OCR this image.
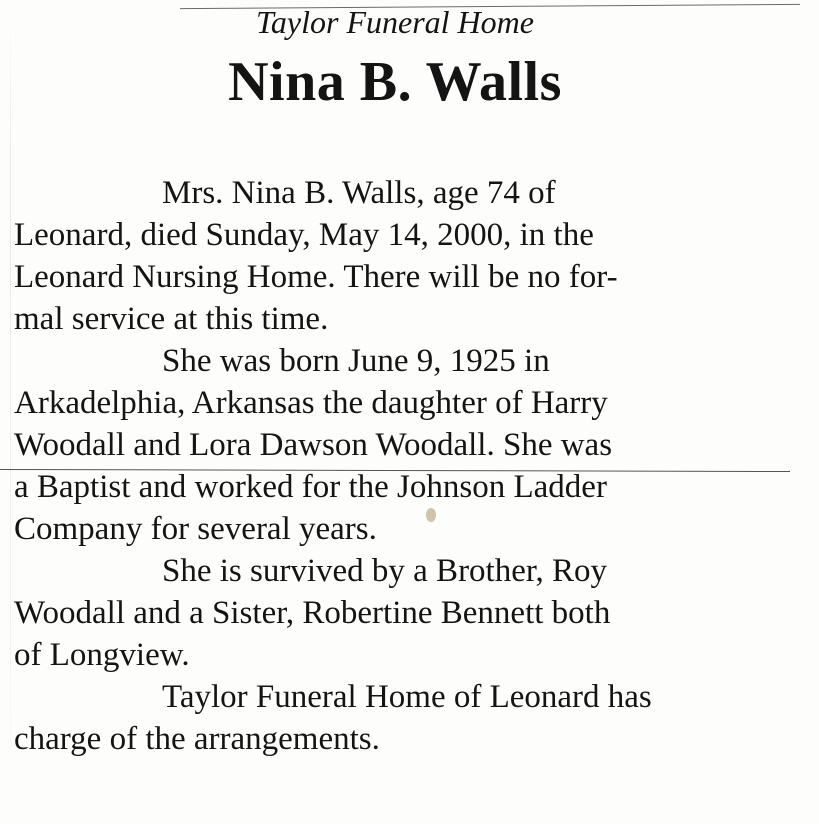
Taylor Funeral Home
Nina B. Walls

Mrs. Nina B. Walls, age 74 of
Leonard, died Sunday, May 14, 2000, in the
Leonard Nursing Home. There will be no for-
mal service at this time.

She was born June 9, 1925 in
Arkadelphia, Arkansas the daughter of Harry
Woodall and Lora Dawson Woodall. She was
a Baptist and worked for the Johnson Ladder
Company for several years.

She is survived by a Brother, Roy
Woodall and a Sister, Robertine Bennett both
of Longview.

Taylor Funeral Home of Leonard has
charge of the arrangements.
